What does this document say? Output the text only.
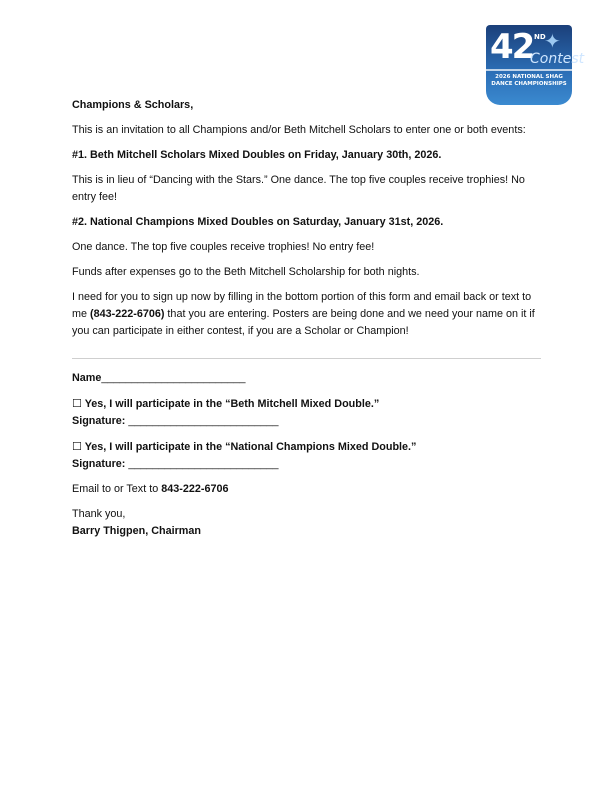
42 ND
✦
Contest
2026 NATIONAL SHAG
DANCE CHAMPIONSHIPS

Champions & Scholars,

This is an invitation to all Champions and/or Beth Mitchell Scholars to enter one or both events:

#1. Beth Mitchell Scholars Mixed Doubles on Friday, January 30th, 2026.

This is in lieu of “Dancing with the Stars.” One dance. The top five couples receive trophies! No entry fee!

#2. National Champions Mixed Doubles on Saturday, January 31st, 2026.

One dance. The top five couples receive trophies! No entry fee!

Funds after expenses go to the Beth Mitchell Scholarship for both nights.

I need for you to sign up now by filling in the bottom portion of this form and email back or text to me (843-222-6706) that you are entering. Posters are being done and we need your name on it if you can participate in either contest, if you are a Scholar or Champion!

Name________________________

☐ Yes, I will participate in the “Beth Mitchell Mixed Double.”

Signature: _________________________

☐ Yes, I will participate in the “National Champions Mixed Double.”

Signature: _________________________

Email to or Text to 843-222-6706

Thank you,

Barry Thigpen, Chairman
